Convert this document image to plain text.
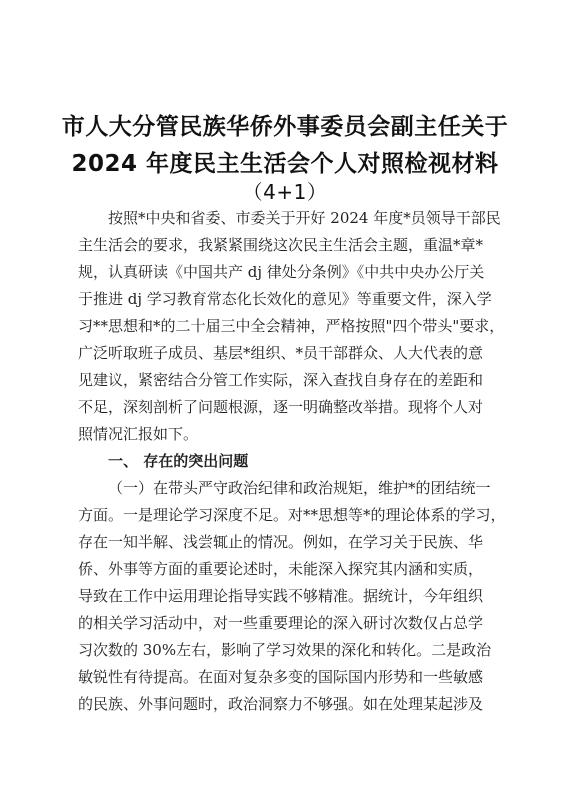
市人大分管民族华侨外事委员会副主任关于
2024 年度民主生活会个人对照检视材料
（4+1）
按照*中央和省委、市委关于开好 2024 年度*员领导干部民
主生活会的要求，我紧紧围绕这次民主生活会主题，重温*章*
规，认真研读《中国共产 dj 律处分条例》《中共中央办公厅关
于推进 dj 学习教育常态化长效化的意见》等重要文件，深入学
习**思想和*的二十届三中全会精神，严格按照"四个带头"要求，
广泛听取班子成员、基层*组织、*员干部群众、人大代表的意
见建议，紧密结合分管工作实际，深入查找自身存在的差距和
不足，深刻剖析了问题根源，逐一明确整改举措。现将个人对
照情况汇报如下。
一、 存在的突出问题
（一）在带头严守政治纪律和政治规矩，维护*的团结统一
方面。一是理论学习深度不足。对**思想等*的理论体系的学习，
存在一知半解、浅尝辄止的情况。例如，在学习关于民族、华
侨、外事等方面的重要论述时，未能深入探究其内涵和实质，
导致在工作中运用理论指导实践不够精准。据统计，今年组织
的相关学习活动中，对一些重要理论的深入研讨次数仅占总学
习次数的 30%左右，影响了学习效果的深化和转化。二是政治
敏锐性有待提高。在面对复杂多变的国际国内形势和一些敏感
的民族、外事问题时，政治洞察力不够强。如在处理某起涉及
